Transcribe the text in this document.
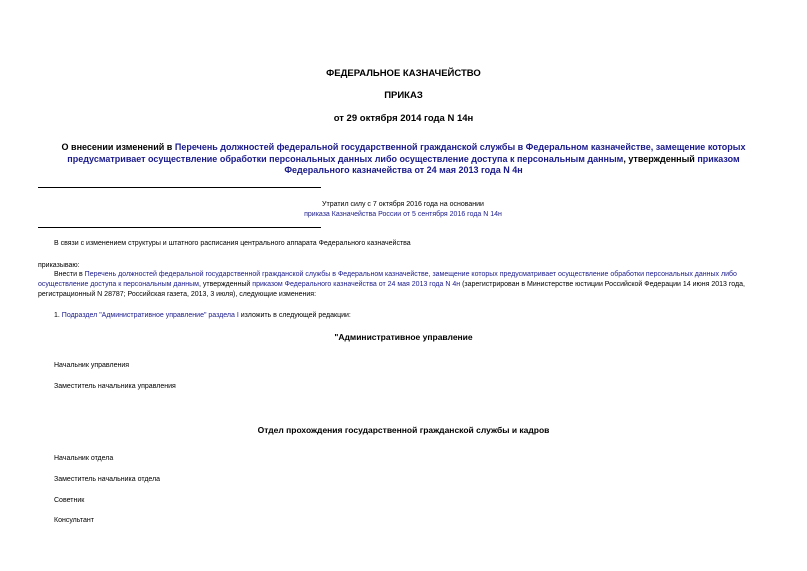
ФЕДЕРАЛЬНОЕ КАЗНАЧЕЙСТВО
ПРИКАЗ
от 29 октября 2014 года N 14н
О внесении изменений в Перечень должностей федеральной государственной гражданской службы в Федеральном казначействе, замещение которых предусматривает осуществление обработки персональных данных либо осуществление доступа к персональным данным, утвержденный приказом Федерального казначейства от 24 мая 2013 года N 4н
Утратил силу с 7 октября 2016 года на основании
приказа Казначейства России от 5 сентября 2016 года N 14н
В связи с изменением структуры и штатного расписания центрального аппарата Федерального казначейства
приказываю:
Внести в Перечень должностей федеральной государственной гражданской службы в Федеральном казначействе, замещение которых предусматривает осуществление обработки персональных данных либо осуществление доступа к персональным данным, утвержденный приказом Федерального казначейства от 24 мая 2013 года N 4н (зарегистрирован в Министерстве юстиции Российской Федерации 14 июня 2013 года, регистрационный N 28787; Российская газета, 2013, 3 июля), следующие изменения:
1. Подраздел "Административное управление" раздела I изложить в следующей редакции:
"Административное управление
Начальник управления
Заместитель начальника управления
Отдел прохождения государственной гражданской службы и кадров
Начальник отдела
Заместитель начальника отдела
Советник
Консультант
